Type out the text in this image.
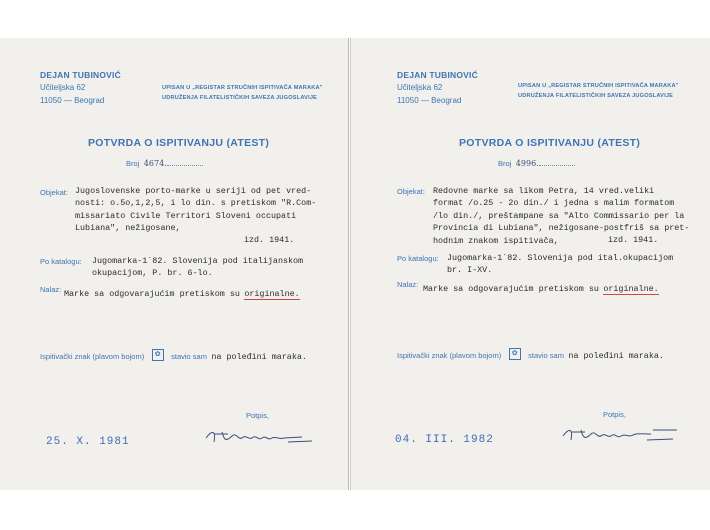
DEJAN TUBINOVIĆ
Učiteljska 62
11050 — Beograd
UPISAN U „REGISTAR STRUČNIH ISPITIVAČA MARAKA"
UDRUŽENJA FILATELISTIČKIH SAVEZA JUGOSLAVIJE
POTVRDA O ISPITIVANJU (ATEST)
Broj 4674.
Objekat: Jugoslovenske porto-marke u seriji od pet vred-
nosti: o.5o,1,2,5, i lo din. s pretiskom "R.Com-
missariato Civile Territori Sloveni occupati
Lubiana", nežigosane,
izd. 1941.
Po katalogu: Jugomarka-1`82. Slovenija pod italijanskom
okupacijom, P. br. 6-lo.
Nalaz: Marke sa odgovarajućim pretiskom su originalne.
Ispitivački znak (plavom bojom) ✿ stavio sam na poleđini maraka.
Potpis,
25. X. 1981
DEJAN TUBINOVIĆ
Učiteljska 62
11050 — Beograd
UPISAN U „REGISTAR STRUČNIH ISPITIVAČA MARAKA"
UDRUŽENJA FILATELISTIČKIH SAVEZA JUGOSLAVIJE
POTVRDA O ISPITIVANJU (ATEST)
Broj 4996.
Objekat: Redovne marke sa likom Petra, 14 vred.veliki
format /o.25 - 2o din./ i jedna s malim formatom
/lo din./, preštampane sa "Alto Commissario per la
Provincia di Lubiana", nežigosane-postfriš sa pret-
hodnim znakom ispitivača,	izd. 1941.
Po katalogu: Jugomarka-1`82. Slovenija pod ital.okupacijom
br. I-XV.
Nalaz: Marke sa odgovarajućim pretiskom su originalne.
Ispitivački znak (plavom bojom) ✿ stavio sam na poleđini maraka.
Potpis,
04. III. 1982
